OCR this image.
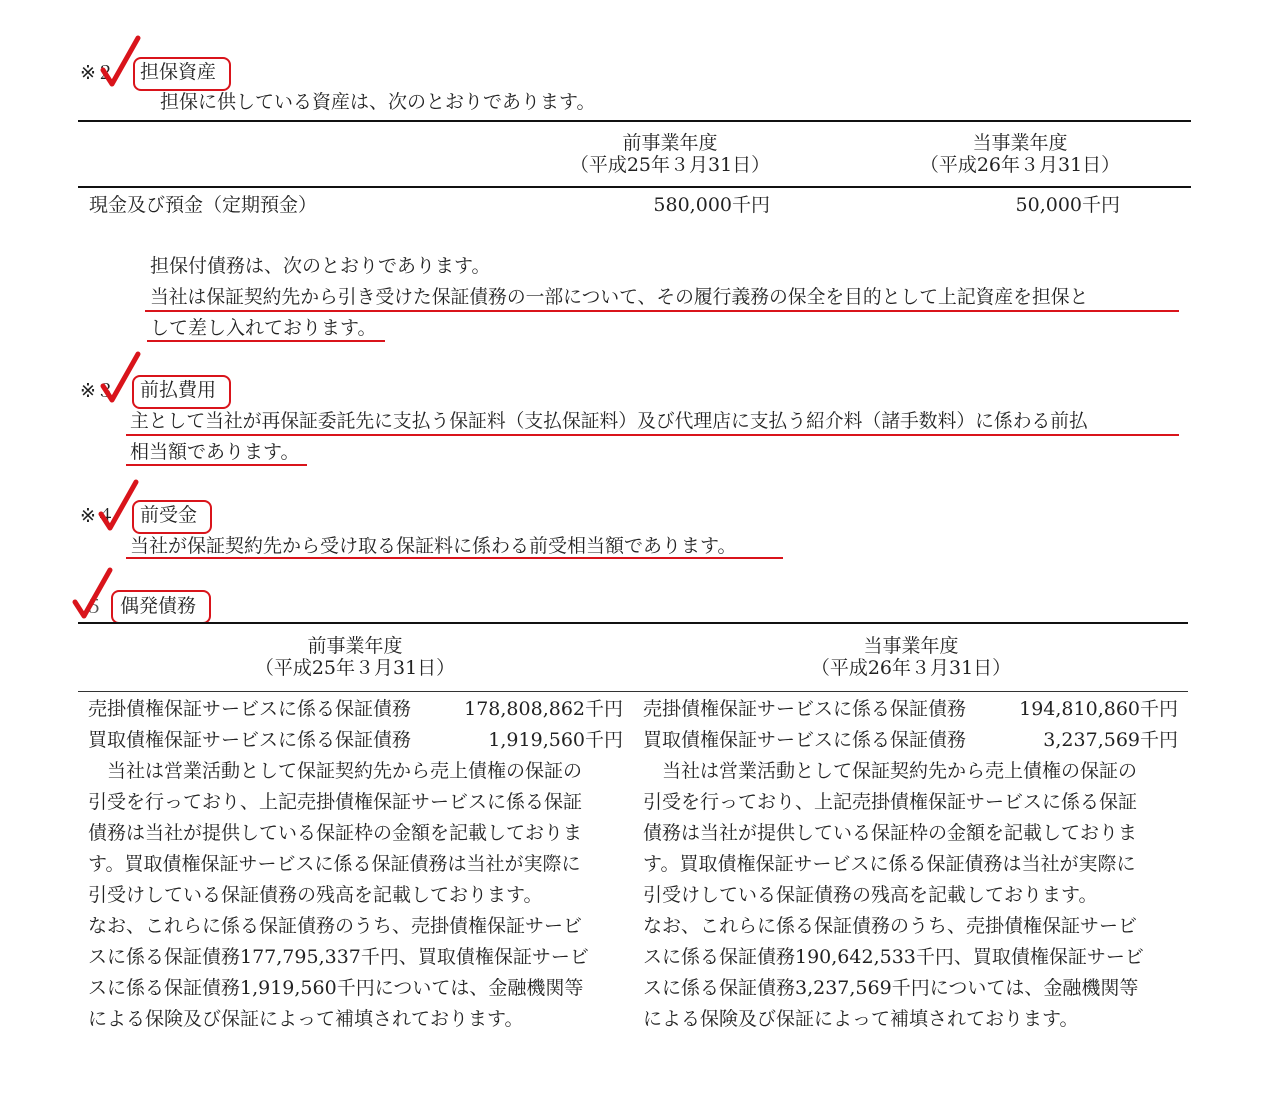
※２ 担保資産
担保に供している資産は、次のとおりであります。
前事業年度
（平成25年３月31日）
当事業年度
（平成26年３月31日）
現金及び預金（定期預金）	580,000千円	50,000千円
担保付債務は、次のとおりであります。
当社は保証契約先から引き受けた保証債務の一部について、その履行義務の保全を目的として上記資産を担保と
して差し入れております。
※３ 前払費用
主として当社が再保証委託先に支払う保証料（支払保証料）及び代理店に支払う紹介料（諸手数料）に係わる前払
相当額であります。
※４ 前受金
当社が保証契約先から受け取る保証料に係わる前受相当額であります。
５ 偶発債務
前事業年度
（平成25年３月31日）
当事業年度
（平成26年３月31日）
売掛債権保証サービスに係る保証債務	178,808,862千円
買取債権保証サービスに係る保証債務	1,919,560千円
　当社は営業活動として保証契約先から売上債権の保証の
引受を行っており、上記売掛債権保証サービスに係る保証
債務は当社が提供している保証枠の金額を記載しておりま
す。買取債権保証サービスに係る保証債務は当社が実際に
引受けしている保証債務の残高を記載しております。
なお、これらに係る保証債務のうち、売掛債権保証サービ
スに係る保証債務177,795,337千円、買取債権保証サービ
スに係る保証債務1,919,560千円については、金融機関等
による保険及び保証によって補填されております。
売掛債権保証サービスに係る保証債務	194,810,860千円
買取債権保証サービスに係る保証債務	3,237,569千円
　当社は営業活動として保証契約先から売上債権の保証の
引受を行っており、上記売掛債権保証サービスに係る保証
債務は当社が提供している保証枠の金額を記載しておりま
す。買取債権保証サービスに係る保証債務は当社が実際に
引受けしている保証債務の残高を記載しております。
なお、これらに係る保証債務のうち、売掛債権保証サービ
スに係る保証債務190,642,533千円、買取債権保証サービ
スに係る保証債務3,237,569千円については、金融機関等
による保険及び保証によって補填されております。
